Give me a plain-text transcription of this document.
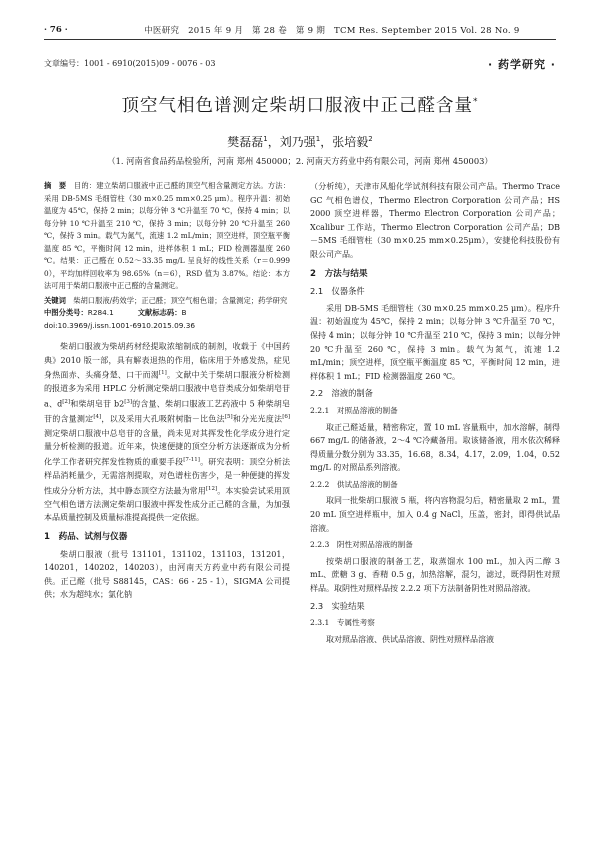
· 76 ·	中医研究　2015 年 9 月　第 28 卷　第 9 期　TCM Res. September 2015 Vol. 28 No. 9
文章编号：1001 - 6910(2015)09 - 0076 - 03	· 药学研究 ·
顶空气相色谱测定柴胡口服液中正己醛含量*
樊磊磊$^1$，刘乃强$^1$，张培毅$^2$
（1. 河南省食品药品检验所，河南 郑州 450000；2. 河南天方药业中药有限公司，河南 郑州 450003）
摘　要　 目的：建立柴胡口服液中正己醛的顶空气相含量测定方法。方法：采用 DB-5MS 毛细管柱（30 m×0.25 mm×0.25 μm）。程序升温：初始温度为 45℃，保持 2 min；以每分钟 3 ℃升温至 70 ℃，保持 4 min；以每分钟 10 ℃升温至 210 ℃，保持 3 min；以每分钟 20 ℃升温至 260 ℃，保持 3 min。载气为氮气，流速 1.2 mL/min；顶空进样，顶空瓶平衡温度 85 ℃，平衡时间 12 min，进样体积 1 mL；FID 检测器温度 260 ℃。结果：正己醛在 0.52～33.35 mg/L 呈良好的线性关系（r＝0.999 0），平均加样回收率为 98.65%（n＝6），RSD 值为 3.87%。结论：本方法可用于柴胡口服液中正己醛的含量测定。
关键词　 柴胡口服液/药效学；正己醛；顶空气相色谱；含量测定；药学研究
中图分类号：R284.1	文献标志码：B
doi:10.3969/j.issn.1001-6910.2015.09.36
柴胡口服液为柴胡药材经提取浓缩制成的制剂，收载于《中国药典》2010 版一部，具有解表退热的作用，临床用于外感发热，症见身热面赤、头痛身楚、口干而渴[1]。文献中关于柴胡口服液分析检测的报道多为采用 HPLC 分析测定柴胡口服液中皂苷类成分如柴胡皂苷 a、d[2]和柴胡皂苷 b2[3]的含量、柴胡口服液工艺药液中 5 种柴胡皂苷的含量测定[4]，以及采用大孔吸附树脂－比色法[5]和分光光度法[6]测定柴胡口服液中总皂苷的含量，尚未见对其挥发性化学成分进行定量分析检测的报道。近年来，快速便捷的顶空分析方法逐渐成为分析化学工作者研究挥发性物质的重要手段[7-11]。研究表明：顶空分析法样品消耗量少，无需溶剂提取，对色谱柱伤害少，是一种便捷的挥发性成分分析方法，其中静态顶空方法最为常用[12]。本实验尝试采用顶空气相色谱方法测定柴胡口服液中挥发性成分正己醛的含量，为加强本品质量控制及质量标准提高提供一定依据。
1　药品、试剂与仪器
柴胡口服液（批号 131101，131102，131103，131201，140201，140202，140203），由河南天方药业中药有限公司提供。正己醛（批号 S88145，CAS：66 - 25 - 1），SIGMA 公司提供；水为超纯水；氯化钠
（分析纯），天津市风船化学试剂科技有限公司产品。Thermo Trace GC 气相色谱仪，Thermo Electron Corporation 公司产品；HS 2000 顶空进样器，Thermo Electron Corporation 公司产品；Xcalibur 工作站，Thermo Electron Corporation 公司产品；DB－5MS 毛细管柱（30 m×0.25 mm×0.25μm），安捷伦科技股份有限公司产品。
2　方法与结果
2.1　仪器条件
采用 DB-5MS 毛细管柱（30 m×0.25 mm×0.25 μm）。程序升温：初始温度为 45℃，保持 2 min；以每分钟 3 ℃升温至 70 ℃，保持 4 min；以每分钟 10 ℃升温至 210 ℃，保持 3 min；以每分钟 20 ℃升温至 260 ℃，保持 3 min。载气为氮气，流速 1.2 mL/min；顶空进样，顶空瓶平衡温度 85 ℃，平衡时间 12 min，进样体积 1 mL；FID 检测器温度 260 ℃。
2.2　溶液的制备
2.2.1　对照品溶液的制备
取正己醛适量，精密称定，置 10 mL 容量瓶中，加水溶解，制得 667 mg/L 的储备液，2～4 ℃冷藏备用。取该储备液，用水依次稀释得质量分数分别为 33.35，16.68，8.34，4.17，2.09，1.04，0.52 mg/L 的对照品系列溶液。
2.2.2　供试品溶液的制备
取同一批柴胡口服液 5 瓶，将内容物混匀后，精密量取 2 mL，置 20 mL 顶空进样瓶中，加入 0.4 g NaCl，压盖，密封，即得供试品溶液。
2.2.3　阴性对照品溶液的制备
按柴胡口服液的制备工艺，取蒸馏水 100 mL，加入丙二醇 3 mL、蔗糖 3 g、香精 0.5 g，加热溶解，混匀，滤过，既得阴性对照样品。取阴性对照样品按 2.2.2 项下方法制备阴性对照品溶液。
2.3　实验结果
2.3.1　专属性考察
取对照品溶液、供试品溶液、阴性对照样品溶液
